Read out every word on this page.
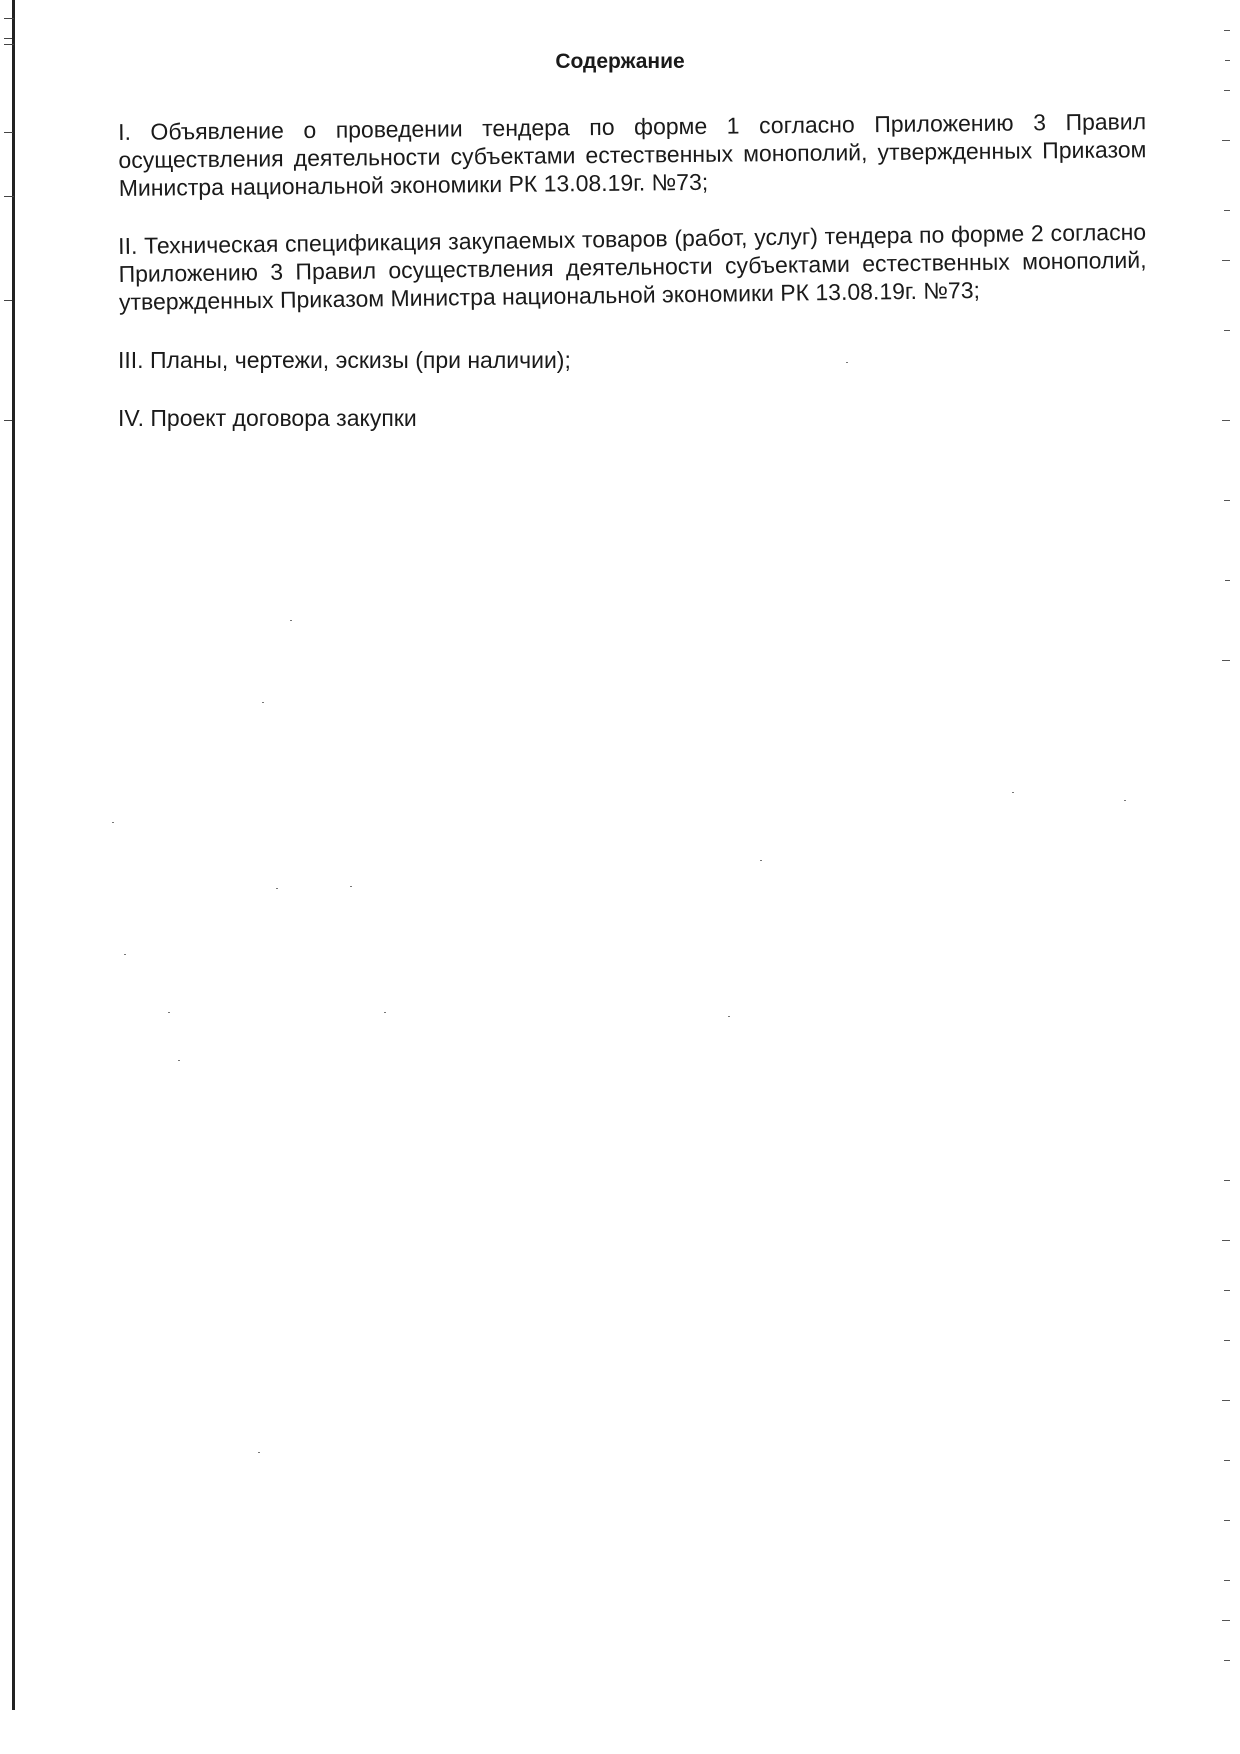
Содержание
I. Объявление о проведении тендера по форме 1 согласно Приложению 3 Правил осуществления деятельности субъектами естественных монополий, утвержденных Приказом Министра национальной экономики РК 13.08.19г. №73;
II. Техническая спецификация закупаемых товаров (работ, услуг) тендера по форме 2 согласно Приложению 3 Правил осуществления деятельности субъектами естественных монополий, утвержденных Приказом Министра национальной экономики РК 13.08.19г. №73;
III. Планы, чертежи, эскизы (при наличии);
IV. Проект договора закупки
